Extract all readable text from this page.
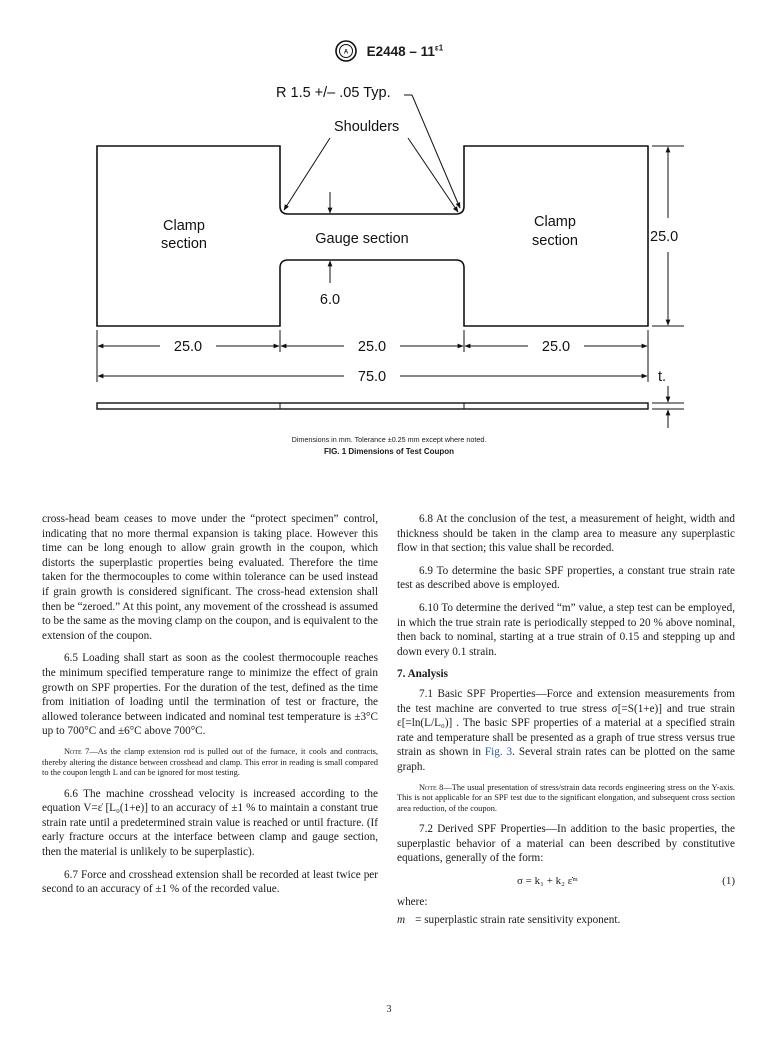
A $E2448 - 11^{\varepsilon 1}$
R 1.5 +/– .05 Typ.
Shoulders
Clamp
section
Clamp
section
Gauge section
6.0
25.0
25.0	25.0	25.0
75.0	t.
Dimensions in mm. Tolerance ±0.25 mm except where noted.
FIG. 1 Dimensions of Test Coupon

cross-head beam ceases to move under the “protect specimen” control, indicating that no more thermal expansion is taking place. However this time can be long enough to allow grain growth in the coupon, which distorts the superplastic properties being evaluated. Therefore the time taken for the thermocouples to come within tolerance can be used instead if grain growth is considered significant. The cross-head extension shall then be “zeroed.” At this point, any movement of the crosshead is assumed to be the same as the moving clamp on the coupon, and is equivalent to the extension of the coupon.

6.5 Loading shall start as soon as the coolest thermocouple reaches the minimum specified temperature range to minimize the effect of grain growth on SPF properties. For the duration of the test, defined as the time from initiation of loading until the termination of test or fracture, the allowed tolerance between indicated and nominal test temperature is ±3°C up to 700°C and ±6°C above 700°C.

Note 7—As the clamp extension rod is pulled out of the furnace, it cools and contracts, thereby altering the distance between crosshead and clamp. This error in reading is small compared to the coupon length L and can be ignored for most testing.

6.6 The machine crosshead velocity is increased according to the equation V=ε̇ [L₀(1+e)] to an accuracy of ±1 % to maintain a constant true strain rate until a predetermined strain value is reached or until fracture. (If early fracture occurs at the interface between clamp and gauge section, then the material is unlikely to be superplastic).

6.7 Force and crosshead extension shall be recorded at least twice per second to an accuracy of ±1 % of the recorded value.

6.8 At the conclusion of the test, a measurement of height, width and thickness should be taken in the clamp area to measure any superplastic flow in that section; this value shall be recorded.

6.9 To determine the basic SPF properties, a constant true strain rate test as described above is employed.

6.10 To determine the derived “m” value, a step test can be employed, in which the true strain rate is periodically stepped to 20 % above nominal, then back to nominal, starting at a true strain of 0.15 and stepping up and down every 0.1 strain.

7. Analysis

7.1 Basic SPF Properties—Force and extension measurements from the test machine are converted to true stress σ[=S(1+e)] and true strain ε[=ln(L/L₀)] . The basic SPF properties of a material at a specified strain rate and temperature shall be presented as a graph of true stress versus true strain as shown in Fig. 3. Several strain rates can be plotted on the same graph.

Note 8—The usual presentation of stress/strain data records engineering stress on the Y-axis. This is not applicable for an SPF test due to the significant elongation, and subsequent cross section area reduction, of the coupon.

7.2 Derived SPF Properties—In addition to the basic properties, the superplastic behavior of a material can been described by constitutive equations, generally of the form:

σ = k₁ + k₂ ε̇ᵐ	(1)

where:

m = superplastic strain rate sensitivity exponent.
3
